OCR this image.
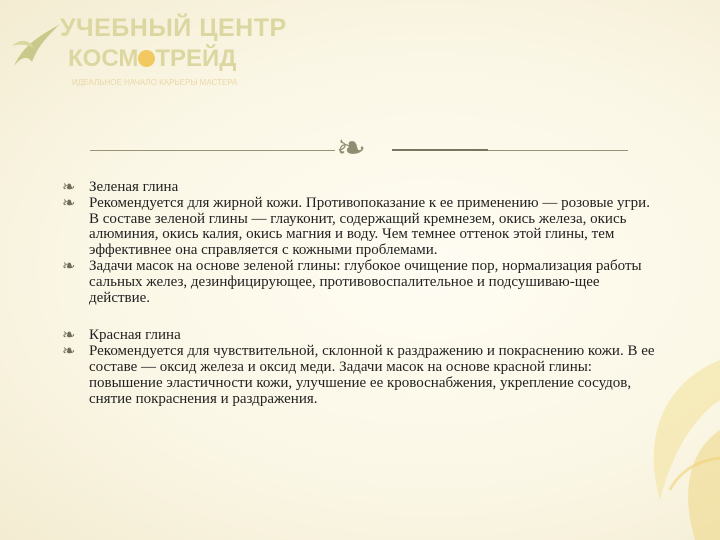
УЧЕБНЫЙ ЦЕНТР
КОСМ ТРЕЙД
ИДЕАЛЬНОЕ НАЧАЛО КАРЬЕРЫ МАСТЕРА
❧
❧ Зеленая глина
❧ Рекомендуется для жирной кожи. Противопоказание к ее применению — розовые угри. В составе зеленой глины — глауконит, содержащий кремнезем, окись железа, окись алюминия, окись калия, окись магния и воду. Чем темнее оттенок этой глины, тем эффективнее она справляется с кожными проблемами.
❧ Задачи масок на основе зеленой глины: глубокое очищение пор, нормализация работы сальных желез, дезинфицирующее, противовоспалительное и подсушиваю-щее действие.
❧ Красная глина
❧ Рекомендуется для чувствительной, склонной к раздражению и покраснению кожи. В ее составе — оксид железа и оксид меди. Задачи масок на основе красной глины: повышение эластичности кожи, улучшение ее кровоснабжения, укрепление сосудов, снятие покраснения и раздражения.
